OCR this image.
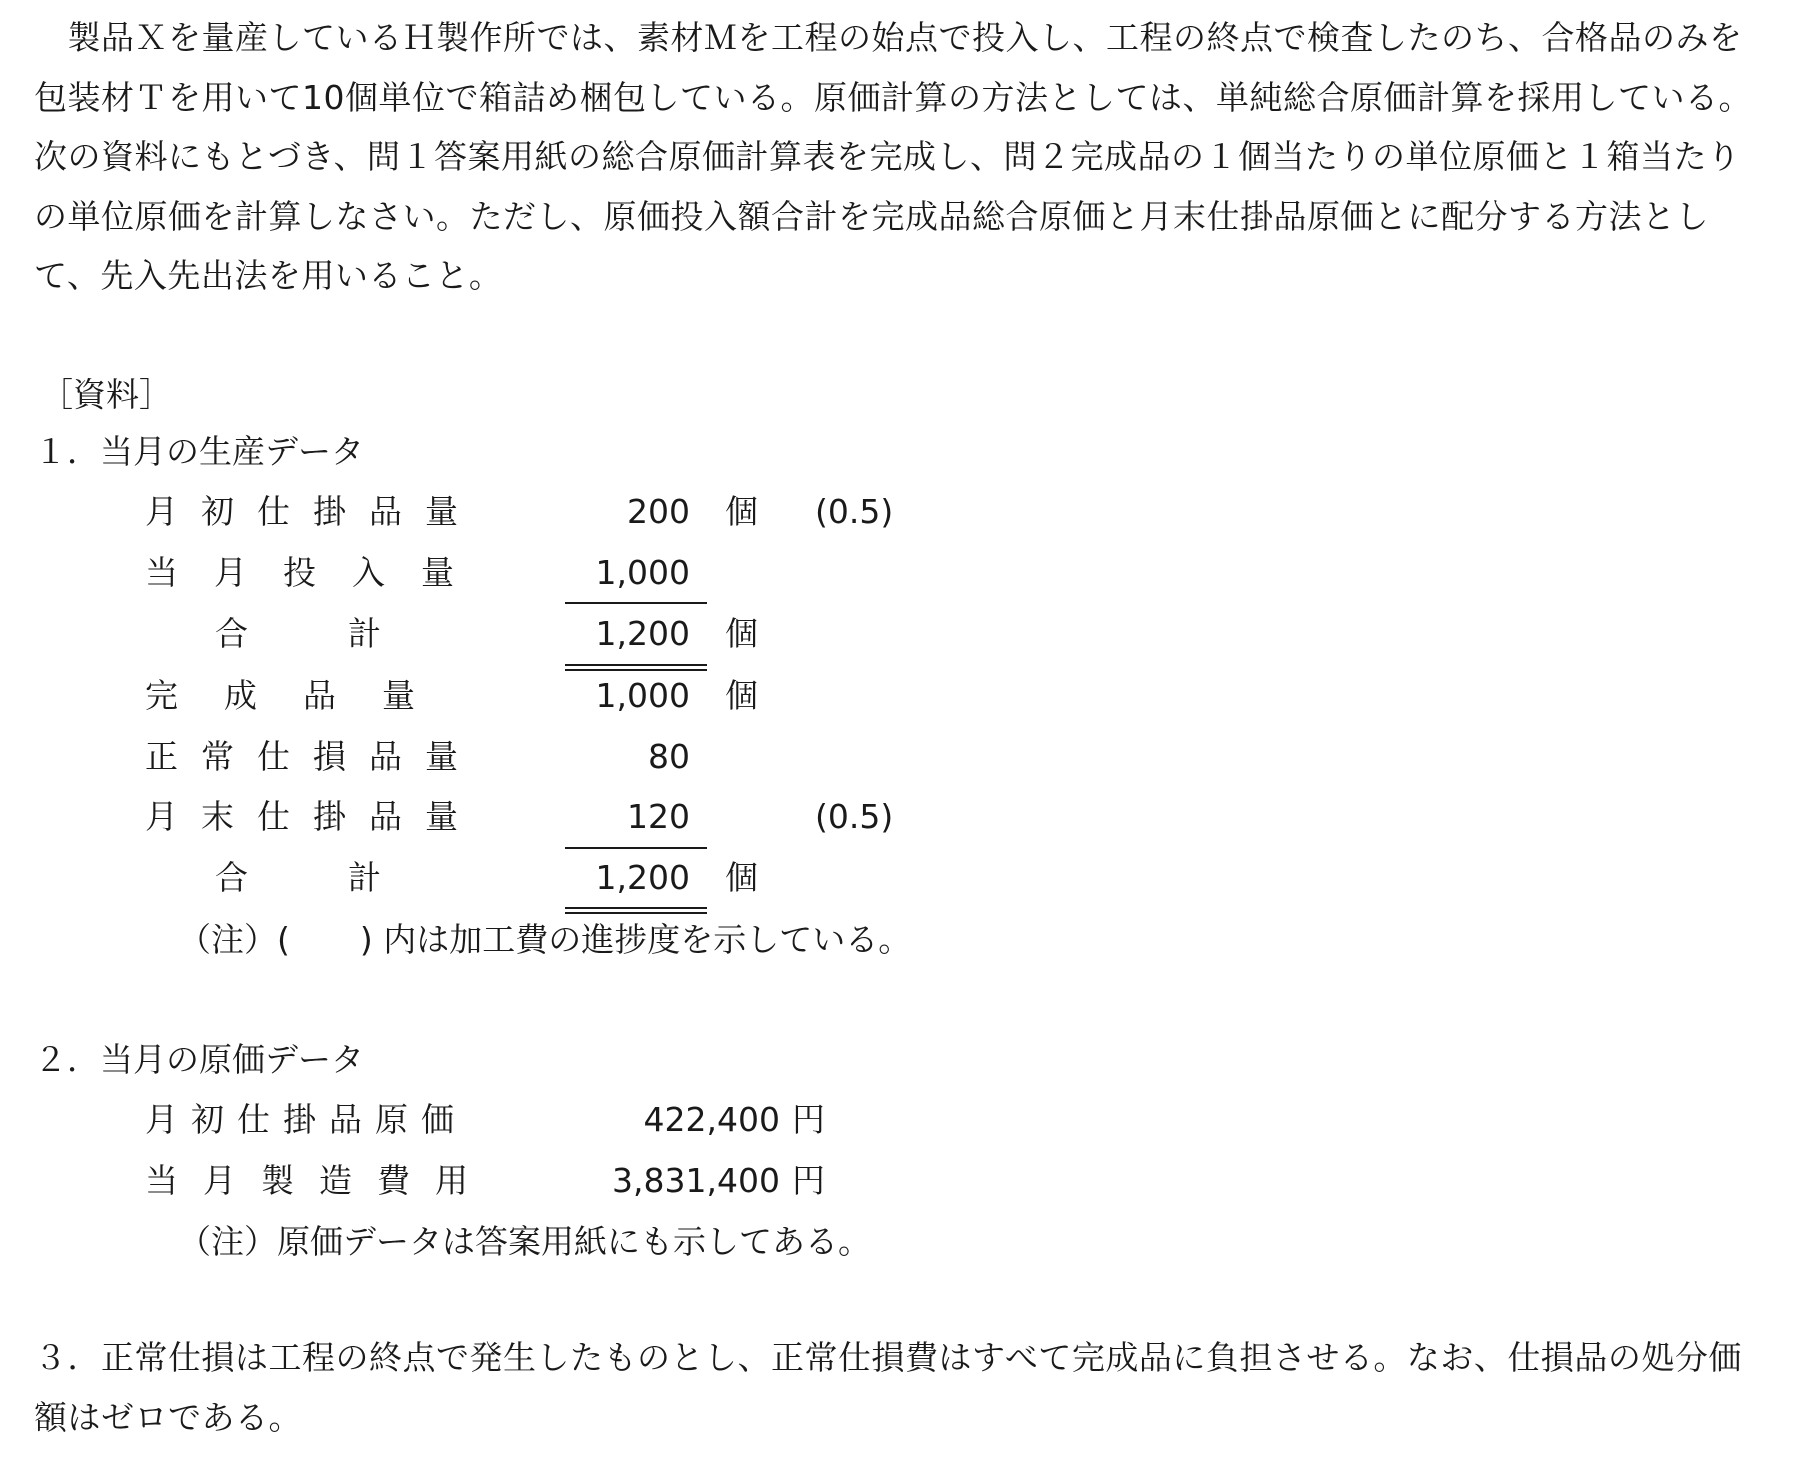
　製品Ｘを量産しているＨ製作所では、素材Ｍを工程の始点で投入し、工程の終点で検査したのち、合格品のみを包装材Ｔを用いて10個単位で箱詰め梱包している。原価計算の方法としては、単純総合原価計算を採用している。次の資料にもとづき、問１答案用紙の総合原価計算表を完成し、問２完成品の１個当たりの単位原価と１箱当たりの単位原価を計算しなさい。ただし、原価投入額合計を完成品総合原価と月末仕掛品原価とに配分する方法として、先入先出法を用いること。

［資料］
１．当月の生産データ
月初仕掛品量	200 個 (0.5)
当月投入量	1,000
合計	1,200 個
完成品量	1,000 個
正常仕損品量	80
月末仕掛品量	120	(0.5)
合計	1,200 個
（注）( ) 内は加工費の進捗度を示している。
２．当月の原価データ
月初仕掛品原価	422,400 円
当月製造費用	3,831,400 円
（注）原価データは答案用紙にも示してある。

３．正常仕損は工程の終点で発生したものとし、正常仕損費はすべて完成品に負担させる。なお、仕損品の処分価額はゼロである。
